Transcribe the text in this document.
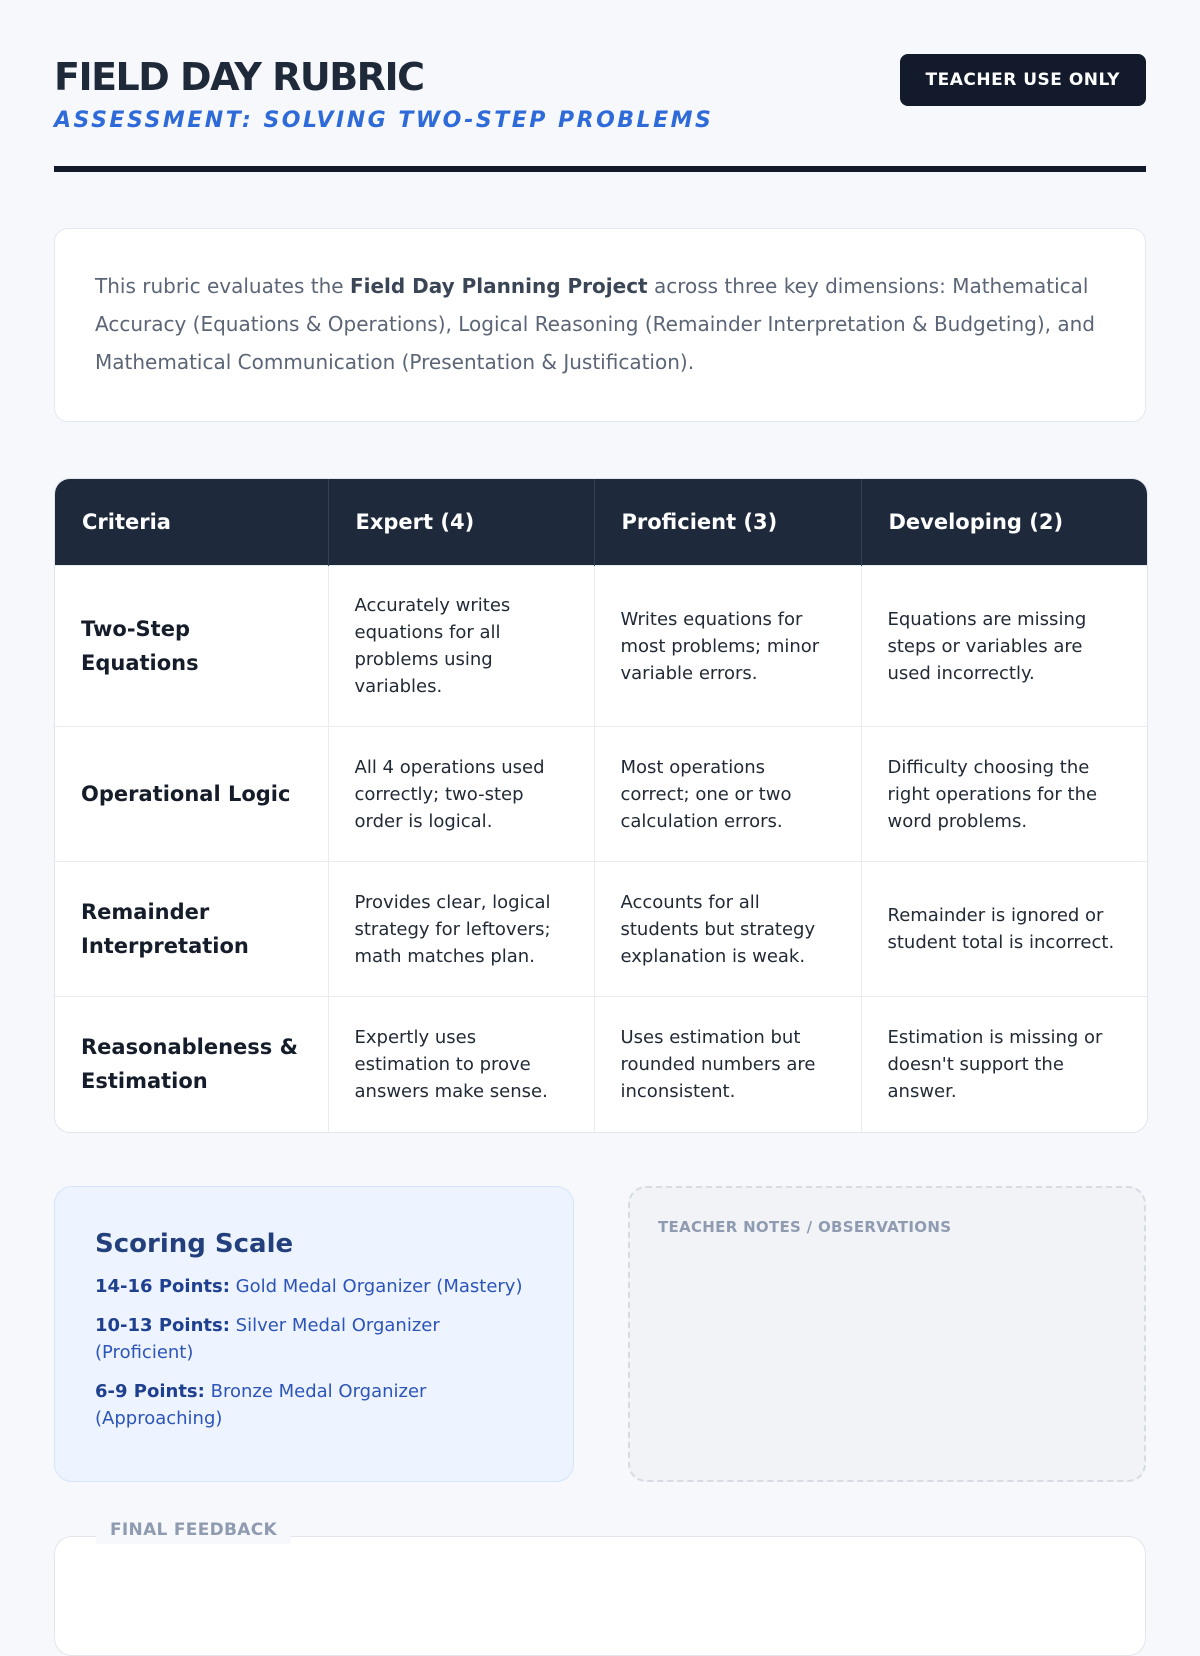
FIELD DAY RUBRIC
ASSESSMENT: SOLVING TWO-STEP PROBLEMS
TEACHER USE ONLY
This rubric evaluates the Field Day Planning Project across three key dimensions: Mathematical Accuracy (Equations & Operations), Logical Reasoning (Remainder Interpretation & Budgeting), and Mathematical Communication (Presentation & Justification).
Criteria	Expert (4)	Proficient (3)	Developing (2)
Two-Step Equations	Accurately writes equations for all problems using variables.	Writes equations for most problems; minor variable errors.	Equations are missing steps or variables are used incorrectly.
Operational Logic	All 4 operations used correctly; two-step order is logical.	Most operations correct; one or two calculation errors.	Difficulty choosing the right operations for the word problems.
Remainder Interpretation	Provides clear, logical strategy for leftovers; math matches plan.	Accounts for all students but strategy explanation is weak.	Remainder is ignored or student total is incorrect.
Reasonableness & Estimation	Expertly uses estimation to prove answers make sense.	Uses estimation but rounded numbers are inconsistent.	Estimation is missing or doesn't support the answer.
Scoring Scale
14-16 Points: Gold Medal Organizer (Mastery)
10-13 Points: Silver Medal Organizer (Proficient)
6-9 Points: Bronze Medal Organizer (Approaching)
TEACHER NOTES / OBSERVATIONS
FINAL FEEDBACK
